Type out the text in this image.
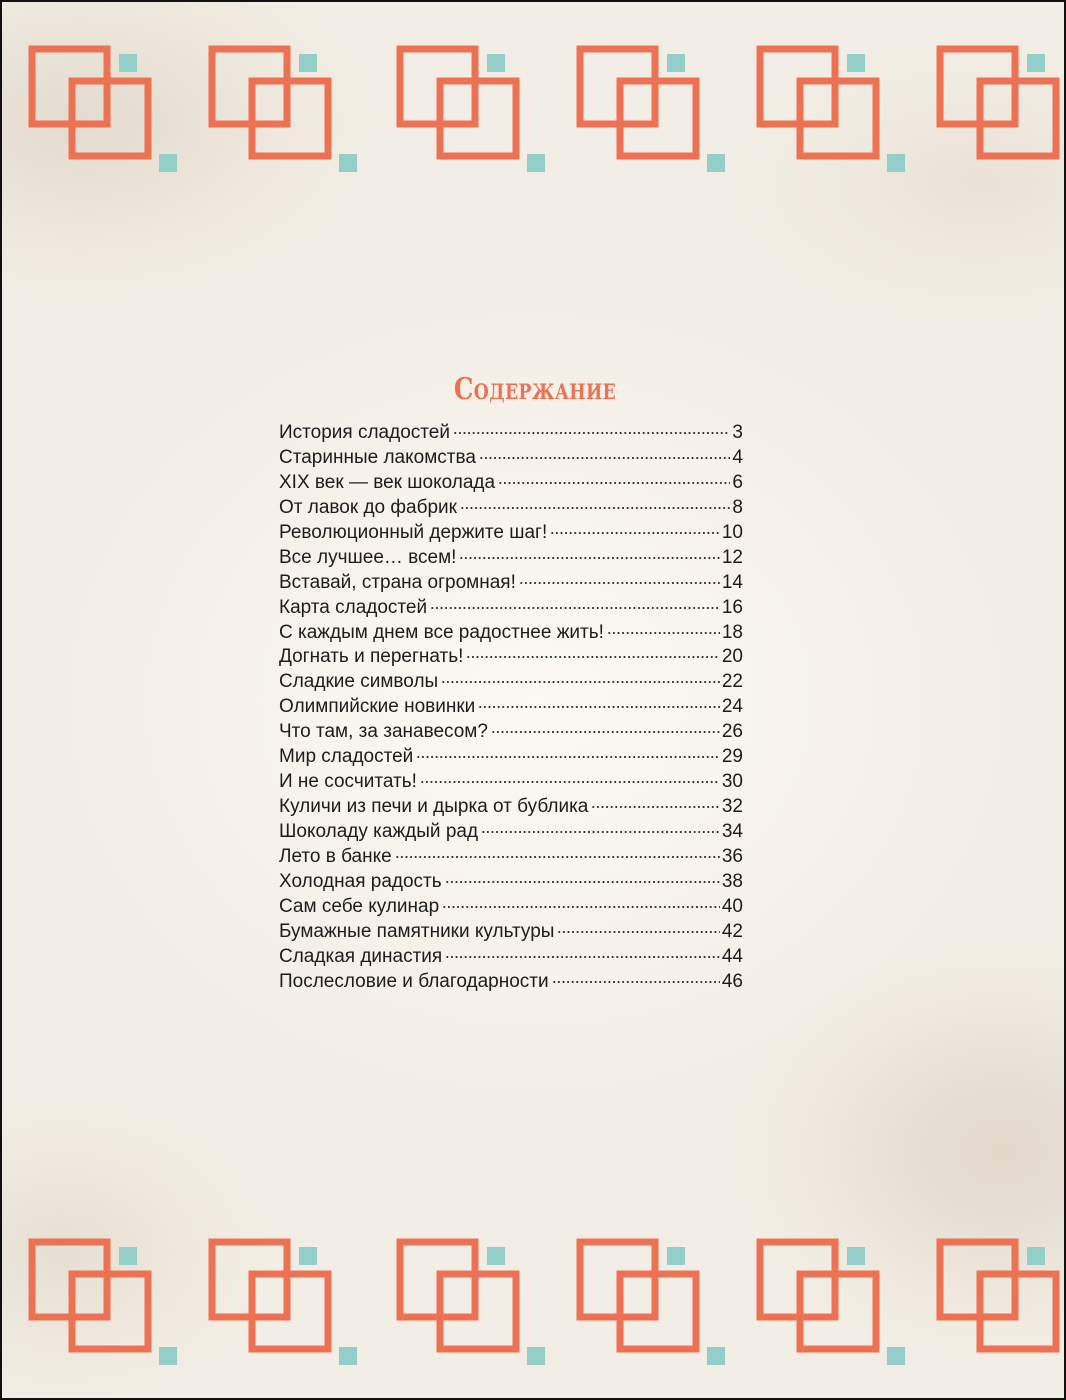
Содержание
История сладостей	3
Старинные лакомства	4
XIX век — век шоколада	6
От лавок до фабрик	8
Революционный держите шаг!	10
Все лучшее… всем!	12
Вставай, страна огромная!	14
Карта сладостей	16
С каждым днем все радостнее жить!	18
Догнать и перегнать!	20
Сладкие символы	22
Олимпийские новинки	24
Что там, за занавесом?	26
Мир сладостей	29
И не сосчитать!	30
Куличи из печи и дырка от бублика	32
Шоколаду каждый рад	34
Лето в банке	36
Холодная радость	38
Сам себе кулинар	40
Бумажные памятники культуры	42
Сладкая династия	44
Послесловие и благодарности	46
